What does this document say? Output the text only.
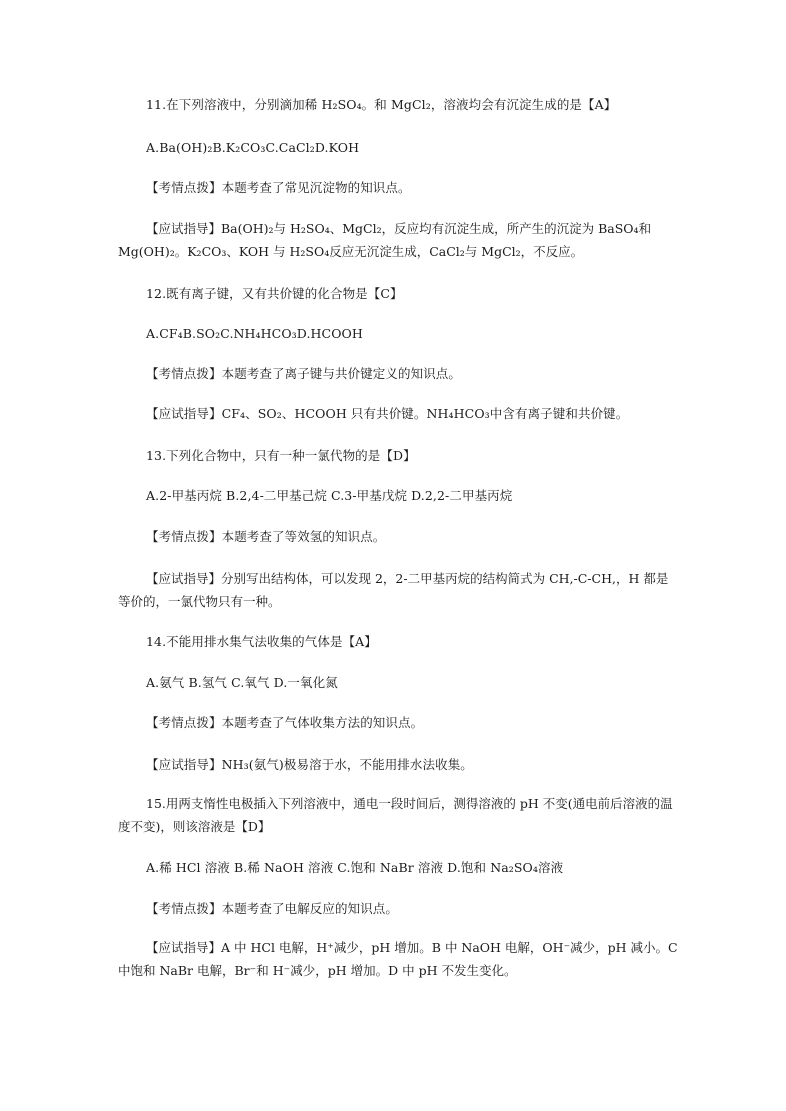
11.在下列溶液中，分别滴加稀 H₂SO₄。和 MgCl₂，溶液均会有沉淀生成的是【A】
A.Ba(OH)₂B.K₂CO₃C.CaCl₂D.KOH
【考情点拨】本题考查了常见沉淀物的知识点。
【应试指导】Ba(OH)₂与 H₂SO₄、MgCl₂，反应均有沉淀生成，所产生的沉淀为 BaSO₄和 Mg(OH)₂。K₂CO₃、KOH 与 H₂SO₄反应无沉淀生成，CaCl₂与 MgCl₂，不反应。
12.既有离子键，又有共价键的化合物是【C】
A.CF₄B.SO₂C.NH₄HCO₃D.HCOOH
【考情点拨】本题考查了离子键与共价键定义的知识点。
【应试指导】CF₄、SO₂、HCOOH 只有共价键。NH₄HCO₃中含有离子键和共价键。
13.下列化合物中，只有一种一氯代物的是【D】
A.2-甲基丙烷 B.2,4-二甲基己烷 C.3-甲基戊烷 D.2,2-二甲基丙烷
【考情点拨】本题考查了等效氢的知识点。
【应试指导】分别写出结构体，可以发现 2，2-二甲基丙烷的结构简式为 CH,-C-CH,，H 都是等价的，一氯代物只有一种。
14.不能用排水集气法收集的气体是【A】
A.氨气 B.氢气 C.氧气 D.一氧化氮
【考情点拨】本题考查了气体收集方法的知识点。
【应试指导】NH₃(氨气)极易溶于水，不能用排水法收集。
15.用两支惰性电极插入下列溶液中，通电一段时间后，测得溶液的 pH 不变(通电前后溶液的温度不变)，则该溶液是【D】
A.稀 HCl 溶液 B.稀 NaOH 溶液 C.饱和 NaBr 溶液 D.饱和 Na₂SO₄溶液
【考情点拨】本题考查了电解反应的知识点。
【应试指导】A 中 HCl 电解，H⁺减少，pH 增加。B 中 NaOH 电解，OH⁻减少，pH 减小。C 中饱和 NaBr 电解，Br⁻和 H⁻减少，pH 增加。D 中 pH 不发生变化。
